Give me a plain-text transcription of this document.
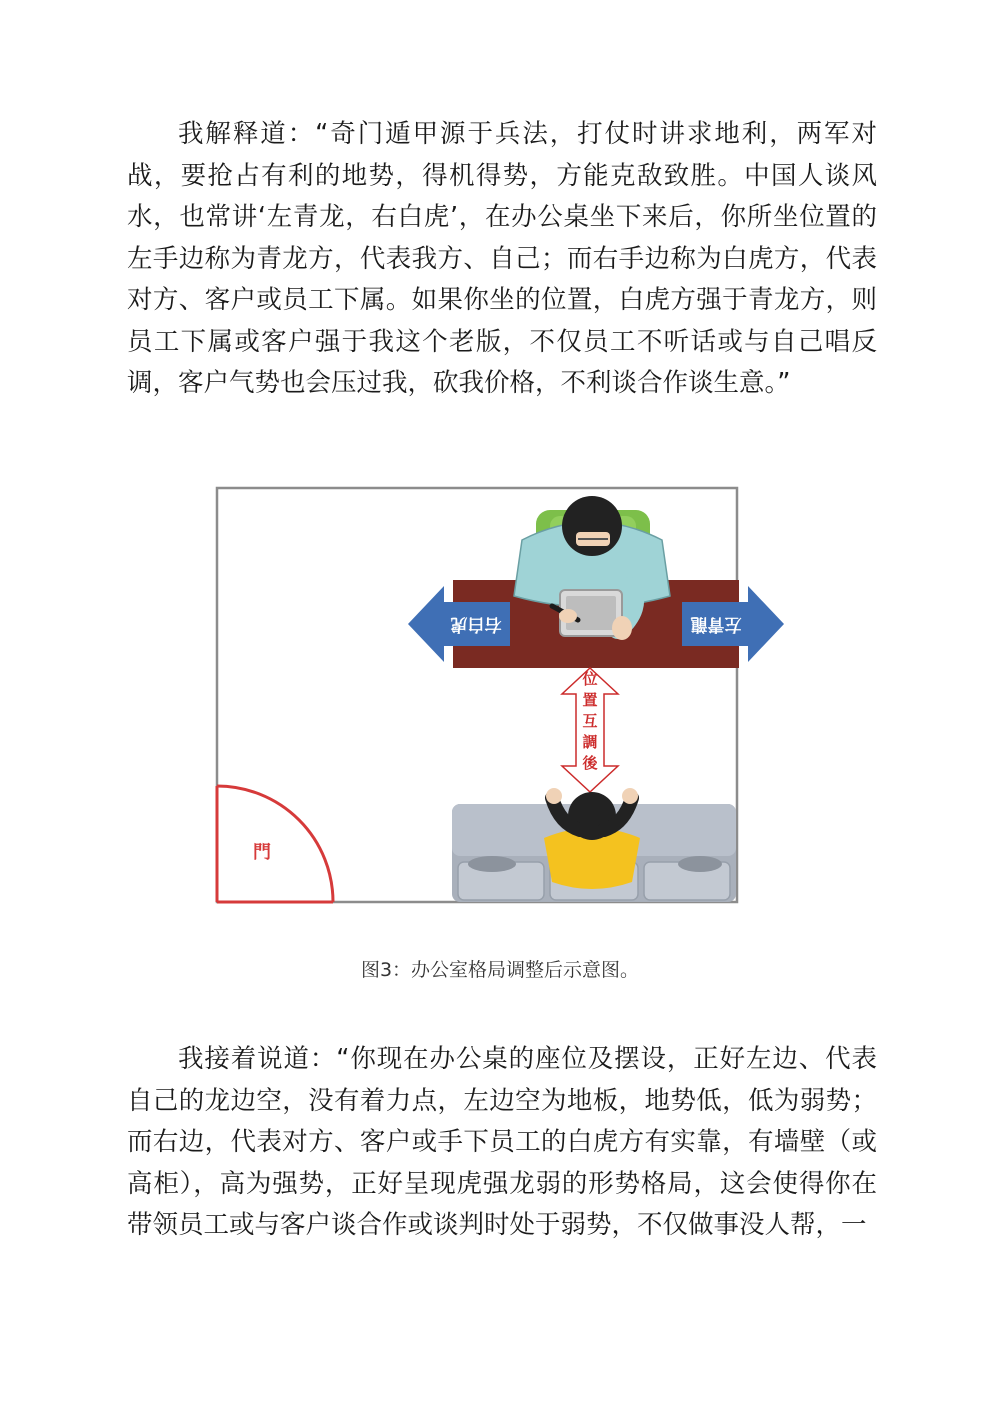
我解释道：“奇门遁甲源于兵法，打仗时讲求地利，两军对战，要抢占有利的地势，得机得势，方能克敌致胜。中国人谈风水，也常讲‘左青龙，右白虎’，在办公桌坐下来后，你所坐位置的左手边称为青龙方，代表我方、自己；而右手边称为白虎方，代表对方、客户或员工下属。如果你坐的位置，白虎方强于青龙方，则员工下属或客户强于我这个老版，不仅员工不听话或与自己唱反调，客户气势也会压过我，砍我价格，不利谈合作谈生意。”

門
右白虎	左青龍
位
置
互
調
後
图3：办公室格局调整后示意图。

我接着说道：“你现在办公桌的座位及摆设，正好左边、代表自己的龙边空，没有着力点，左边空为地板，地势低，低为弱势；而右边，代表对方、客户或手下员工的白虎方有实靠，有墙壁（或高柜），高为强势，正好呈现虎强龙弱的形势格局，这会使得你在带领员工或与客户谈合作或谈判时处于弱势，不仅做事没人帮，一
